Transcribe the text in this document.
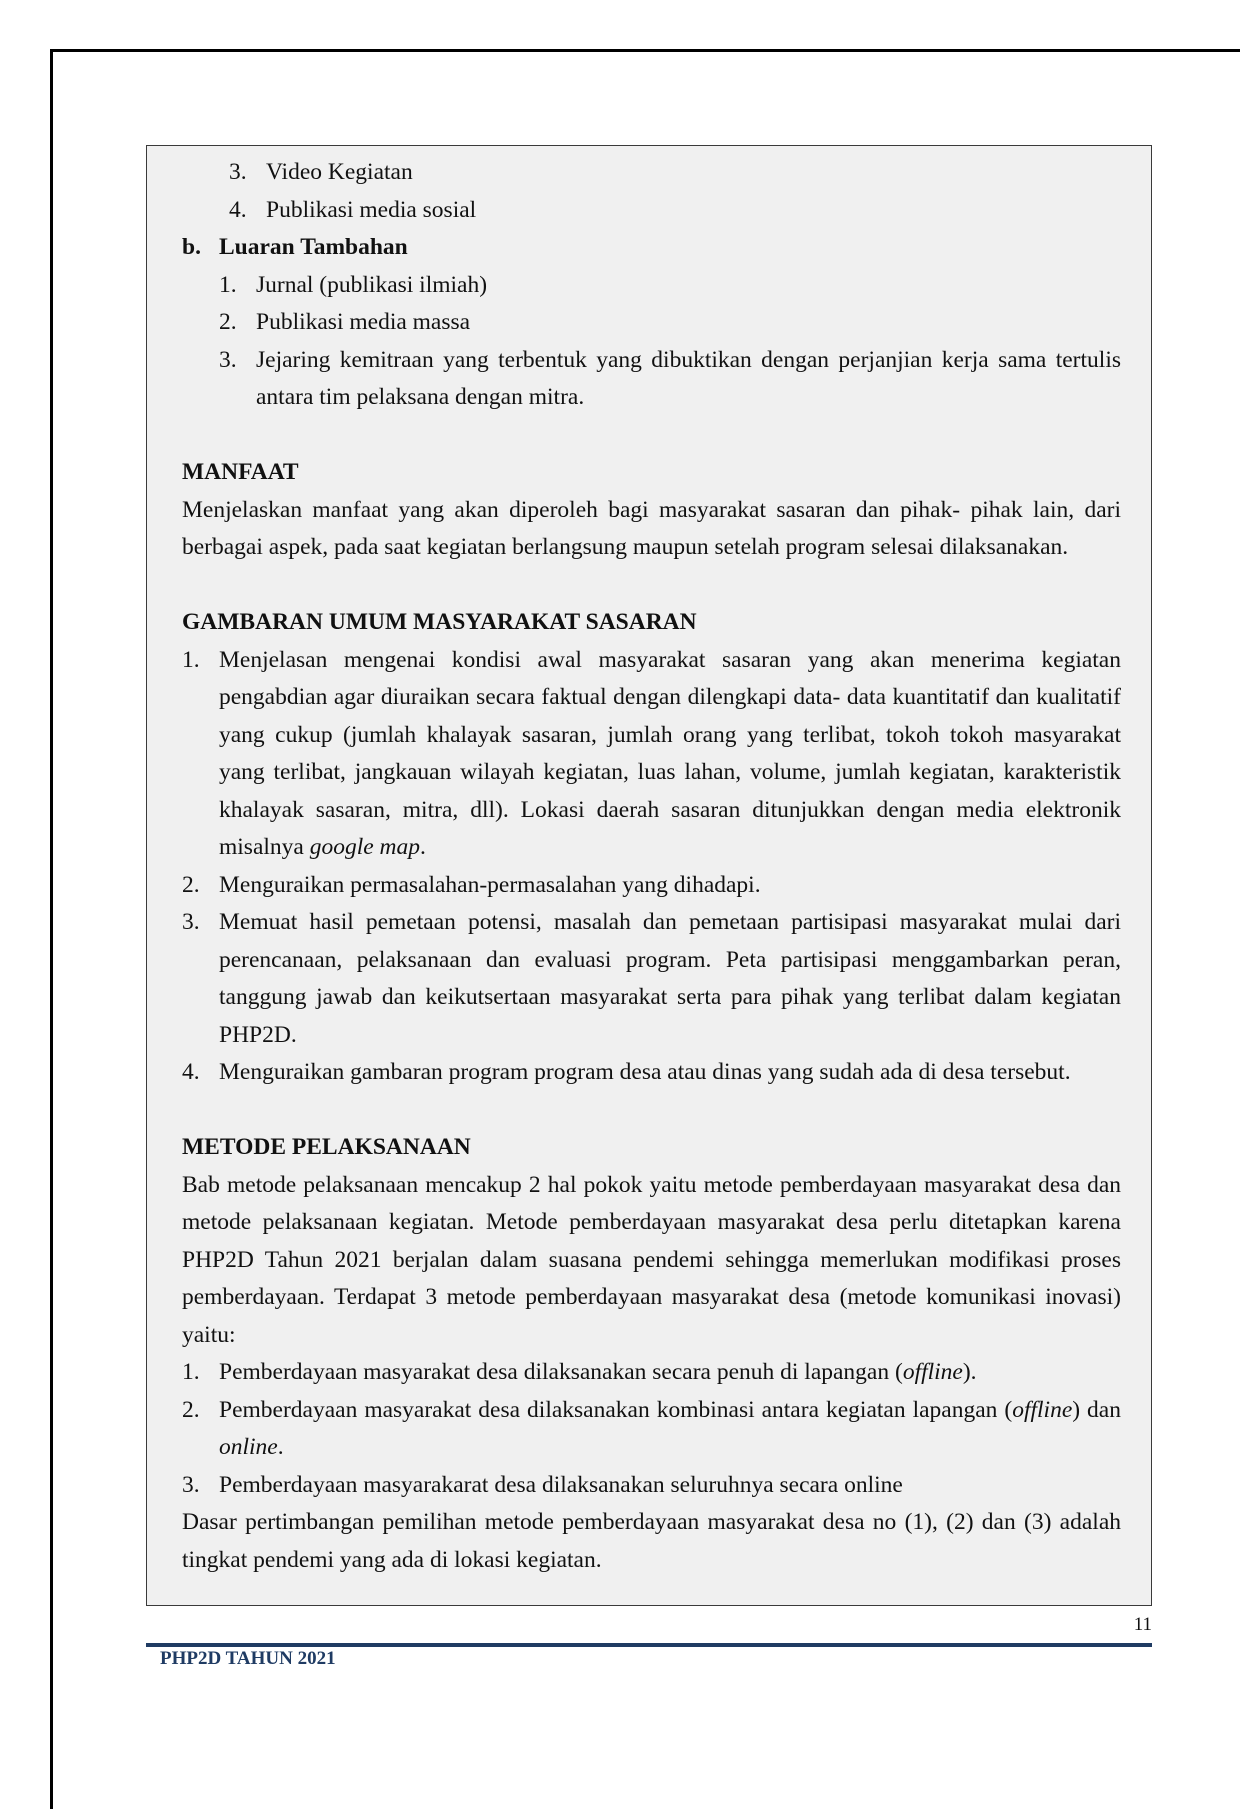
3. Video Kegiatan
4. Publikasi media sosial
b. Luaran Tambahan
1. Jurnal (publikasi ilmiah)
2. Publikasi media massa
3. Jejaring kemitraan yang terbentuk yang dibuktikan dengan perjanjian kerja sama tertulis antara tim pelaksana dengan mitra.
MANFAAT
Menjelaskan manfaat yang akan diperoleh bagi masyarakat sasaran dan pihak- pihak lain, dari berbagai aspek, pada saat kegiatan berlangsung maupun setelah program selesai dilaksanakan.
GAMBARAN UMUM MASYARAKAT SASARAN
1. Menjelasan mengenai kondisi awal masyarakat sasaran yang akan menerima kegiatan pengabdian agar diuraikan secara faktual dengan dilengkapi data- data kuantitatif dan kualitatif yang cukup (jumlah khalayak sasaran, jumlah orang yang terlibat, tokoh tokoh masyarakat yang terlibat, jangkauan wilayah kegiatan, luas lahan, volume, jumlah kegiatan, karakteristik khalayak sasaran, mitra, dll). Lokasi daerah sasaran ditunjukkan dengan media elektronik misalnya google map.
2. Menguraikan permasalahan-permasalahan yang dihadapi.
3. Memuat hasil pemetaan potensi, masalah dan pemetaan partisipasi masyarakat mulai dari perencanaan, pelaksanaan dan evaluasi program. Peta partisipasi menggambarkan peran, tanggung jawab dan keikutsertaan masyarakat serta para pihak yang terlibat dalam kegiatan PHP2D.
4. Menguraikan gambaran program program desa atau dinas yang sudah ada di desa tersebut.
METODE PELAKSANAAN
Bab metode pelaksanaan mencakup 2 hal pokok yaitu metode pemberdayaan masyarakat desa dan metode pelaksanaan kegiatan. Metode pemberdayaan masyarakat desa perlu ditetapkan karena PHP2D Tahun 2021 berjalan dalam suasana pendemi sehingga memerlukan modifikasi proses pemberdayaan. Terdapat 3 metode pemberdayaan masyarakat desa (metode komunikasi inovasi) yaitu:
1. Pemberdayaan masyarakat desa dilaksanakan secara penuh di lapangan (offline).
2. Pemberdayaan masyarakat desa dilaksanakan kombinasi antara kegiatan lapangan (offline) dan online.
3. Pemberdayaan masyarakarat desa dilaksanakan seluruhnya secara online
Dasar pertimbangan pemilihan metode pemberdayaan masyarakat desa no (1), (2) dan (3) adalah tingkat pendemi yang ada di lokasi kegiatan.
11
PHP2D TAHUN 2021
